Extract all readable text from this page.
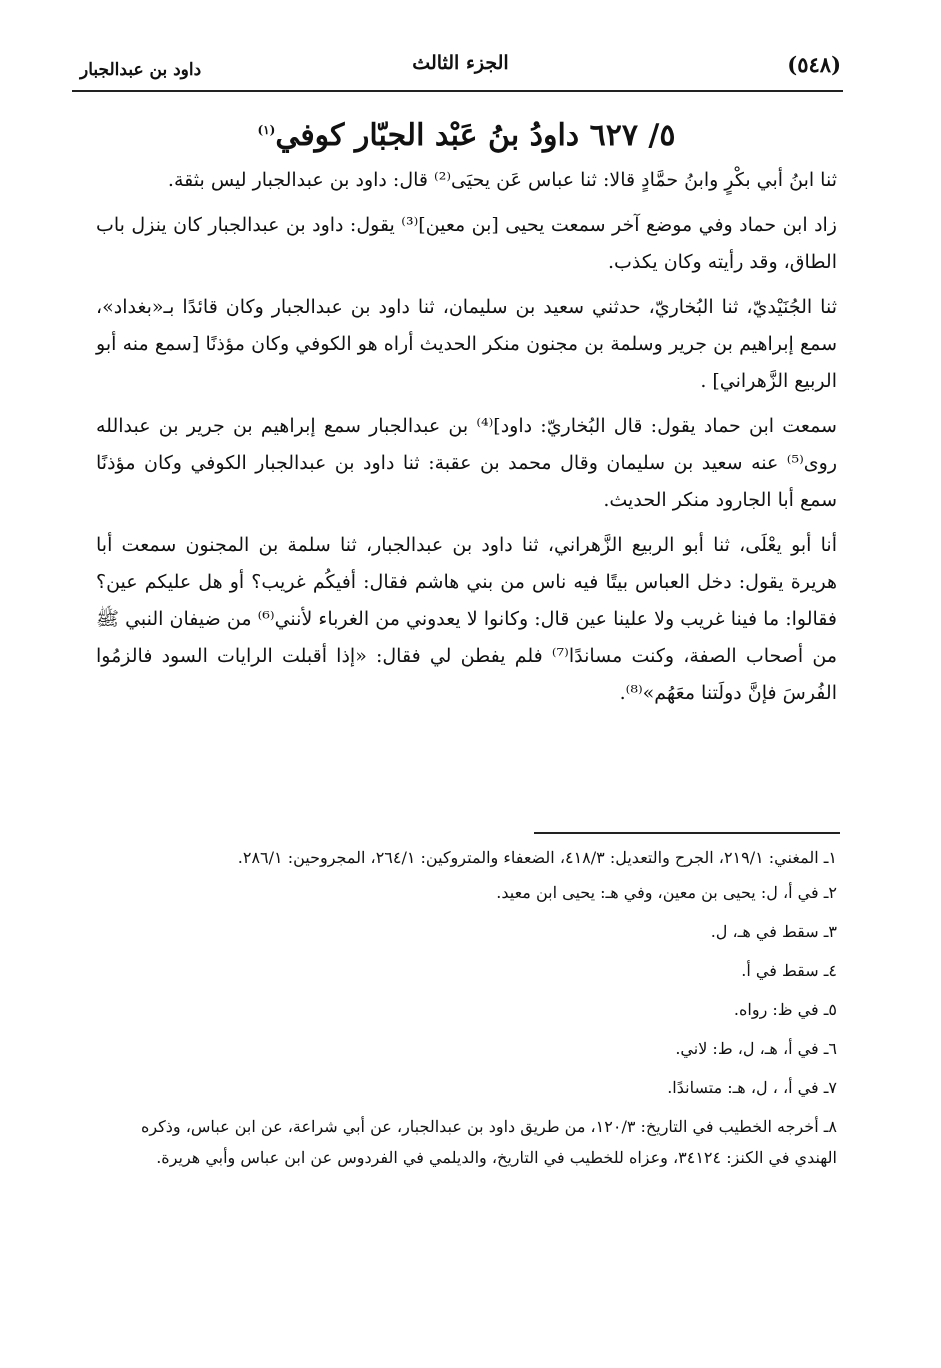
(٥٤٨)
الجزء الثالث
داود بن عبدالجبار
٥/ ٦٢٧ داودُ بنُ عَبْد الجبّار كوفي$^{(١)}$

ثنا ابنُ أبي بكْرٍ وابنُ حمَّادٍ قالا: ثنا عباس عَن يحيَى⁽²⁾ قال: داود بن عبدالجبار ليس بثقة.

زاد ابن حماد وفي موضع آخر سمعت يحيى [بن معين]⁽³⁾ يقول: داود بن عبدالجبار كان ينزل باب الطاق، وقد رأيته وكان يكذب.

ثنا الجُنَيْديّ، ثنا البُخاريّ، حدثني سعيد بن سليمان، ثنا داود بن عبدالجبار وكان قائدًا بـ«بغداد»، سمع إبراهيم بن جرير وسلمة بن مجنون منكر الحديث أراه هو الكوفي وكان مؤذنًا [سمع منه أبو الربيع الزَّهراني] .

سمعت ابن حماد يقول: قال البُخاريّ: داود]⁽⁴⁾ بن عبدالجبار سمع إبراهيم بن جرير بن عبدالله روى⁽⁵⁾ عنه سعيد بن سليمان وقال محمد بن عقبة: ثنا داود بن عبدالجبار الكوفي وكان مؤذنًا سمع أبا الجارود منكر الحديث.

أنا أبو يعْلَى، ثنا أبو الربيع الزَّهراني، ثنا داود بن عبدالجبار، ثنا سلمة بن المجنون سمعت أبا هريرة يقول: دخل العباس بيتًا فيه ناس من بني هاشم فقال: أفيكُم غريب؟ أو هل عليكم عين؟ فقالوا: ما فينا غريب ولا علينا عين قال: وكانوا لا يعدوني من الغرباء لأنني⁽⁶⁾ من ضيفان النبي ﷺ من أصحاب الصفة، وكنت مساندًا⁽⁷⁾ فلم يفطن لي فقال: «إذا أقبلت الرايات السود فالزمُوا الفُرسَ فإنَّ دولَتنا معَهُم»⁽⁸⁾.

١ـ المغني: ٢١٩/١، الجرح والتعديل: ٤١٨/٣، الضعفاء والمتروكين: ٢٦٤/١، المجروحين: ٢٨٦/١.
٢ـ في أ، ل: يحيى بن معين، وفي هـ: يحيى ابن معيد.
٣ـ سقط في هـ، ل.
٤ـ سقط في أ.
٥ـ في ظ: رواه.
٦ـ في أ، هـ، ل، ط: لاني.
٧ـ في أ، ، ل، هـ: متساندًا.
٨ـ أخرجه الخطيب في التاريخ: ١٢٠/٣، من طريق داود بن عبدالجبار، عن أبي شراعة، عن ابن عباس، وذكره الهندي في الكنز: ٣٤١٢٤، وعزاه للخطيب في التاريخ، والديلمي في الفردوس عن ابن عباس وأبي هريرة.
